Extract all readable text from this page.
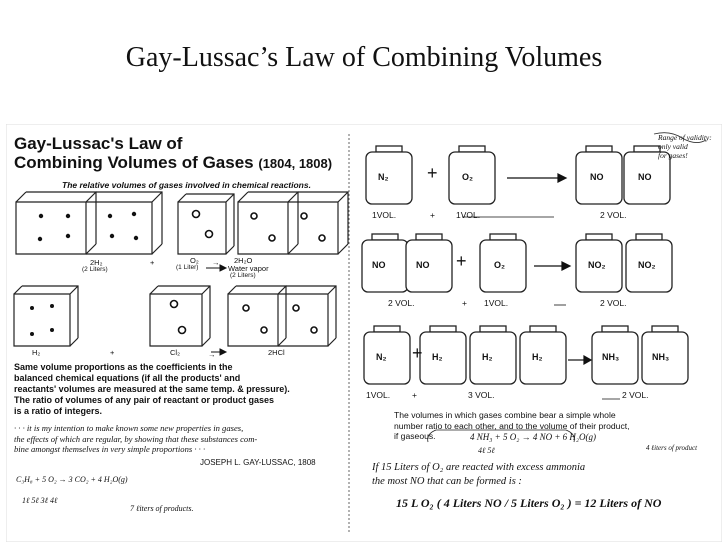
Gay-Lussac’s Law of Combining Volumes
Gay-Lussac's Law of
Combining Volumes of Gases (1804, 1808)
The relative volumes of gases involved in chemical reactions.
2H₂	+	O₂ → 2H₂O
(2 Liters)	(1 Liter)	Water vapor
(2 Liters)
H₂	+	Cl₂	→	2HCl
Same volume proportions as the coefficients in the
balanced chemical equations (if all the products' and
reactants' volumes are measured at the same temp. & pressure).
The ratio of volumes of any pair of reactant or product gases
is a ratio of integers.
· · · it is my intention to make known some new properties in gases,
the effects of which are regular, by showing that these substances com-
bine amongst themselves in very simple proportions · · ·
JOSEPH L. GAY-LUSSAC, 1808
C₃H₈ + 5 O₂ → 3 CO₂ + 4 H₂O(g)
1ℓ 5ℓ 3ℓ 4ℓ
7 ℓiters of products.
Range of validity:
only valid
for gases!
N₂ +	O₂	NO	NO
1VOL.	+ 1VOL.	2 VOL.
NO	NO +	O₂	NO₂	NO₂
2 VOL.	+ 1VOL.	2 VOL.
N₂ + H₂	H₂	H₂	NH₃	NH₃
1VOL.	+	3 VOL.	2 VOL.
The volumes in which gases combine bear a simple whole
number ratio to each other, and to the volume of their product,
if gaseous.	4 NH₃ + 5 O₂ → 4 NO + 6 H₂O(g)
4ℓ 5ℓ	4 ℓiters of product
If 15 Liters of O₂ are reacted with excess ammonia
the most NO that can be formed is :
15 L O₂ ( 4 Liters NO / 5 Liters O₂ ) = 12 Liters of NO
